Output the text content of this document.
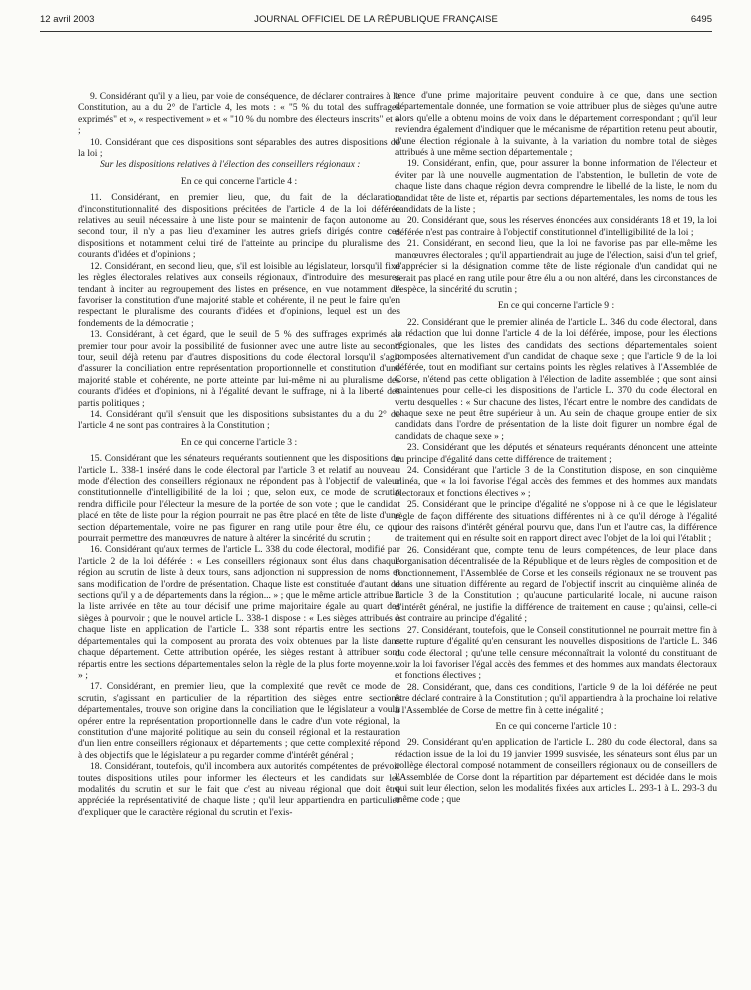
12 avril 2003	JOURNAL OFFICIEL DE LA RÉPUBLIQUE FRANÇAISE	6495

9. Considérant qu'il y a lieu, par voie de conséquence, de déclarer contraires à la Constitution, au a du 2° de l'article 4, les mots : « "5 % du total des suffrages exprimés" et », « respectivement » et « "10 % du nombre des électeurs inscrits" et » ;

10. Considérant que ces dispositions sont séparables des autres dispositions de la loi ;

Sur les dispositions relatives à l'élection des conseillers régionaux :

En ce qui concerne l'article 4 :

11. Considérant, en premier lieu, que, du fait de la déclaration d'inconstitutionnalité des dispositions précitées de l'article 4 de la loi déférée relatives au seuil nécessaire à une liste pour se maintenir de façon autonome au second tour, il n'y a pas lieu d'examiner les autres griefs dirigés contre ces dispositions et notamment celui tiré de l'atteinte au principe du pluralisme des courants d'idées et d'opinions ;

12. Considérant, en second lieu, que, s'il est loisible au législateur, lorsqu'il fixe les règles électorales relatives aux conseils régionaux, d'introduire des mesures tendant à inciter au regroupement des listes en présence, en vue notamment de favoriser la constitution d'une majorité stable et cohérente, il ne peut le faire qu'en respectant le pluralisme des courants d'idées et d'opinions, lequel est un des fondements de la démocratie ;

13. Considérant, à cet égard, que le seuil de 5 % des suffrages exprimés au premier tour pour avoir la possibilité de fusionner avec une autre liste au second tour, seuil déjà retenu par d'autres dispositions du code électoral lorsqu'il s'agit d'assurer la conciliation entre représentation proportionnelle et constitution d'une majorité stable et cohérente, ne porte atteinte par lui-même ni au pluralisme des courants d'idées et d'opinions, ni à l'égalité devant le suffrage, ni à la liberté des partis politiques ;

14. Considérant qu'il s'ensuit que les dispositions subsistantes du a du 2° de l'article 4 ne sont pas contraires à la Constitution ;

En ce qui concerne l'article 3 :

15. Considérant que les sénateurs requérants soutiennent que les dispositions de l'article L. 338-1 inséré dans le code électoral par l'article 3 et relatif au nouveau mode d'élection des conseillers régionaux ne répondent pas à l'objectif de valeur constitutionnelle d'intelligibilité de la loi ; que, selon eux, ce mode de scrutin rendra difficile pour l'électeur la mesure de la portée de son vote ; que le candidat placé en tête de liste pour la région pourrait ne pas être placé en tête de liste d'une section départementale, voire ne pas figurer en rang utile pour être élu, ce qui pourrait permettre des manœuvres de nature à altérer la sincérité du scrutin ;

16. Considérant qu'aux termes de l'article L. 338 du code électoral, modifié par l'article 2 de la loi déférée : « Les conseillers régionaux sont élus dans chaque région au scrutin de liste à deux tours, sans adjonction ni suppression de noms et sans modification de l'ordre de présentation. Chaque liste est constituée d'autant de sections qu'il y a de départements dans la région... » ; que le même article attribue à la liste arrivée en tête au tour décisif une prime majoritaire égale au quart des sièges à pourvoir ; que le nouvel article L. 338-1 dispose : « Les sièges attribués à chaque liste en application de l'article L. 338 sont répartis entre les sections départementales qui la composent au prorata des voix obtenues par la liste dans chaque département. Cette attribution opérée, les sièges restant à attribuer sont répartis entre les sections départementales selon la règle de la plus forte moyenne... » ;

17. Considérant, en premier lieu, que la complexité que revêt ce mode de scrutin, s'agissant en particulier de la répartition des sièges entre sections départementales, trouve son origine dans la conciliation que le législateur a voulu opérer entre la représentation proportionnelle dans le cadre d'un vote régional, la constitution d'une majorité politique au sein du conseil régional et la restauration d'un lien entre conseillers régionaux et départements ; que cette complexité répond à des objectifs que le législateur a pu regarder comme d'intérêt général ;

18. Considérant, toutefois, qu'il incombera aux autorités compétentes de prévoir toutes dispositions utiles pour informer les électeurs et les candidats sur les modalités du scrutin et sur le fait que c'est au niveau régional que doit être appréciée la représentativité de chaque liste ; qu'il leur appartiendra en particulier d'expliquer que le caractère régional du scrutin et l'exis-

tence d'une prime majoritaire peuvent conduire à ce que, dans une section départementale donnée, une formation se voie attribuer plus de sièges qu'une autre alors qu'elle a obtenu moins de voix dans le département correspondant ; qu'il leur reviendra également d'indiquer que le mécanisme de répartition retenu peut aboutir, d'une élection régionale à la suivante, à la variation du nombre total de sièges attribués à une même section départementale ;

19. Considérant, enfin, que, pour assurer la bonne information de l'électeur et éviter par là une nouvelle augmentation de l'abstention, le bulletin de vote de chaque liste dans chaque région devra comprendre le libellé de la liste, le nom du candidat tête de liste et, répartis par sections départementales, les noms de tous les candidats de la liste ;

20. Considérant que, sous les réserves énoncées aux considérants 18 et 19, la loi déférée n'est pas contraire à l'objectif constitutionnel d'intelligibilité de la loi ;

21. Considérant, en second lieu, que la loi ne favorise pas par elle-même les manœuvres électorales ; qu'il appartiendrait au juge de l'élection, saisi d'un tel grief, d'apprécier si la désignation comme tête de liste régionale d'un candidat qui ne serait pas placé en rang utile pour être élu a ou non altéré, dans les circonstances de l'espèce, la sincérité du scrutin ;

En ce qui concerne l'article 9 :

22. Considérant que le premier alinéa de l'article L. 346 du code électoral, dans la rédaction que lui donne l'article 4 de la loi déférée, impose, pour les élections régionales, que les listes des candidats des sections départementales soient composées alternativement d'un candidat de chaque sexe ; que l'article 9 de la loi déférée, tout en modifiant sur certains points les règles relatives à l'Assemblée de Corse, n'étend pas cette obligation à l'élection de ladite assemblée ; que sont ainsi maintenues pour celle-ci les dispositions de l'article L. 370 du code électoral en vertu desquelles : « Sur chacune des listes, l'écart entre le nombre des candidats de chaque sexe ne peut être supérieur à un. Au sein de chaque groupe entier de six candidats dans l'ordre de présentation de la liste doit figurer un nombre égal de candidats de chaque sexe » ;

23. Considérant que les députés et sénateurs requérants dénoncent une atteinte au principe d'égalité dans cette différence de traitement ;

24. Considérant que l'article 3 de la Constitution dispose, en son cinquième alinéa, que « la loi favorise l'égal accès des femmes et des hommes aux mandats électoraux et fonctions électives » ;

25. Considérant que le principe d'égalité ne s'oppose ni à ce que le législateur règle de façon différente des situations différentes ni à ce qu'il déroge à l'égalité pour des raisons d'intérêt général pourvu que, dans l'un et l'autre cas, la différence de traitement qui en résulte soit en rapport direct avec l'objet de la loi qui l'établit ;

26. Considérant que, compte tenu de leurs compétences, de leur place dans l'organisation décentralisée de la République et de leurs règles de composition et de fonctionnement, l'Assemblée de Corse et les conseils régionaux ne se trouvent pas dans une situation différente au regard de l'objectif inscrit au cinquième alinéa de l'article 3 de la Constitution ; qu'aucune particularité locale, ni aucune raison d'intérêt général, ne justifie la différence de traitement en cause ; qu'ainsi, celle-ci est contraire au principe d'égalité ;

27. Considérant, toutefois, que le Conseil constitutionnel ne pourrait mettre fin à cette rupture d'égalité qu'en censurant les nouvelles dispositions de l'article L. 346 du code électoral ; qu'une telle censure méconnaîtrait la volonté du constituant de voir la loi favoriser l'égal accès des femmes et des hommes aux mandats électoraux et fonctions électives ;

28. Considérant, que, dans ces conditions, l'article 9 de la loi déférée ne peut être déclaré contraire à la Constitution ; qu'il appartiendra à la prochaine loi relative à l'Assemblée de Corse de mettre fin à cette inégalité ;

En ce qui concerne l'article 10 :

29. Considérant qu'en application de l'article L. 280 du code électoral, dans sa rédaction issue de la loi du 19 janvier 1999 susvisée, les sénateurs sont élus par un collège électoral composé notamment de conseillers régionaux ou de conseillers de l'Assemblée de Corse dont la répartition par département est décidée dans le mois qui suit leur élection, selon les modalités fixées aux articles L. 293-1 à L. 293-3 du même code ; que
